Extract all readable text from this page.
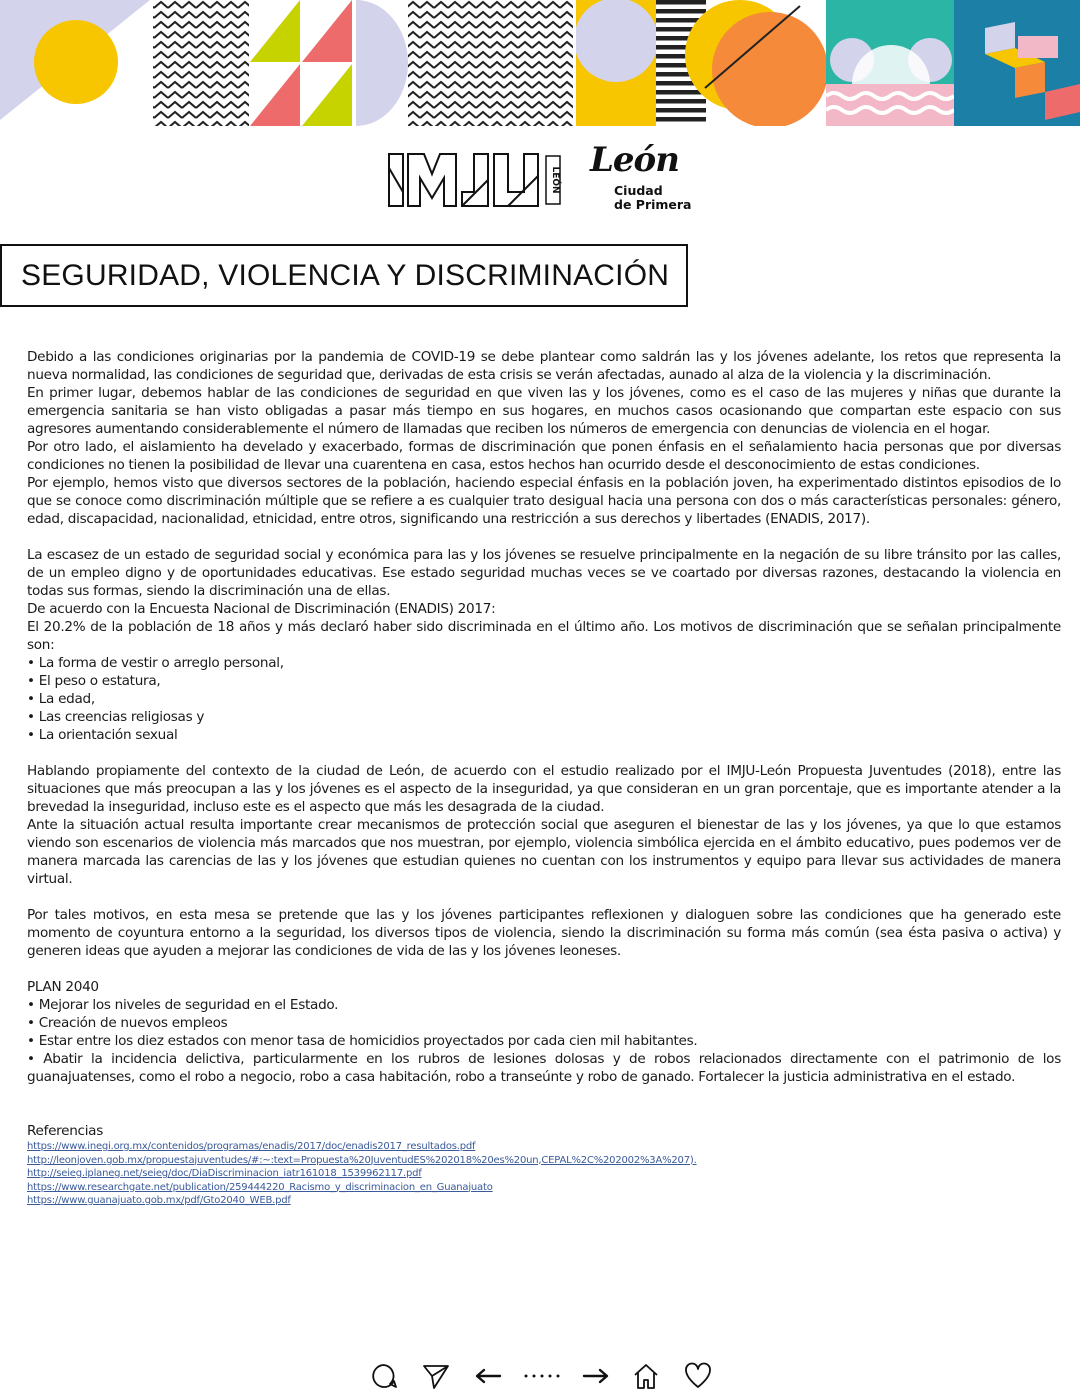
LEÓN León
Ciudad
de Primera
SEGURIDAD, VIOLENCIA Y DISCRIMINACIÓN

Debido a las condiciones originarias por la pandemia de COVID-19 se debe plantear como saldrán las y los jóvenes adelante, los retos que representa la nueva normalidad, las condiciones de seguridad que, derivadas de esta crisis se verán afectadas, aunado al alza de la violencia y la discriminación.

En primer lugar, debemos hablar de las condiciones de seguridad en que viven las y los jóvenes, como es el caso de las mujeres y niñas que durante la emergencia sanitaria se han visto obligadas a pasar más tiempo en sus hogares, en muchos casos ocasionando que compartan este espacio con sus agresores aumentando considerablemente el número de llamadas que reciben los números de emergencia con denuncias de violencia en el hogar.

Por otro lado, el aislamiento ha develado y exacerbado, formas de discriminación que ponen énfasis en el señalamiento hacia personas que por diversas condiciones no tienen la posibilidad de llevar una cuarentena en casa, estos hechos han ocurrido desde el desconocimiento de estas condiciones.

Por ejemplo, hemos visto que diversos sectores de la población, haciendo especial énfasis en la población joven, ha experimentado distintos episodios de lo que se conoce como discriminación múltiple que se refiere a es cualquier trato desigual hacia una persona con dos o más características personales: género, edad, discapacidad, nacionalidad, etnicidad, entre otros, significando una restricción a sus derechos y libertades (ENADIS, 2017).

La escasez de un estado de seguridad social y económica para las y los jóvenes se resuelve principalmente en la negación de su libre tránsito por las calles, de un empleo digno y de oportunidades educativas. Ese estado seguridad muchas veces se ve coartado por diversas razones, destacando la violencia en todas sus formas, siendo la discriminación una de ellas.

De acuerdo con la Encuesta Nacional de Discriminación (ENADIS) 2017:

El 20.2% de la población de 18 años y más declaró haber sido discriminada en el último año. Los motivos de discriminación que se señalan principalmente son:

• La forma de vestir o arreglo personal,

• El peso o estatura,

• La edad,

• Las creencias religiosas y

• La orientación sexual

Hablando propiamente del contexto de la ciudad de León, de acuerdo con el estudio realizado por el IMJU-León Propuesta Juventudes (2018), entre las situaciones que más preocupan a las y los jóvenes es el aspecto de la inseguridad, ya que consideran en un gran porcentaje, que es importante atender a la brevedad la inseguridad, incluso este es el aspecto que más les desagrada de la ciudad.

Ante la situación actual resulta importante crear mecanismos de protección social que aseguren el bienestar de las y los jóvenes, ya que lo que estamos viendo son escenarios de violencia más marcados que nos muestran, por ejemplo, violencia simbólica ejercida en el ámbito educativo, pues podemos ver de manera marcada las carencias de las y los jóvenes que estudian quienes no cuentan con los instrumentos y equipo para llevar sus actividades de manera virtual.

Por tales motivos, en esta mesa se pretende que las y los jóvenes participantes reflexionen y dialoguen sobre las condiciones que ha generado este momento de coyuntura entorno a la seguridad, los diversos tipos de violencia, siendo la discriminación su forma más común (sea ésta pasiva o activa) y generen ideas que ayuden a mejorar las condiciones de vida de las y los jóvenes leoneses.

PLAN 2040

• Mejorar los niveles de seguridad en el Estado.

• Creación de nuevos empleos

• Estar entre los diez estados con menor tasa de homicidios proyectados por cada cien mil habitantes.

• Abatir la incidencia delictiva, particularmente en los rubros de lesiones dolosas y de robos relacionados directamente con el patrimonio de los guanajuatenses, como el robo a negocio, robo a casa habitación, robo a transeúnte y robo de ganado. Fortalecer la justicia administrativa en el estado.

Referencias

https://www.inegi.org.mx/contenidos/programas/enadis/2017/doc/enadis2017_resultados.pdf
http://leonjoven.gob.mx/propuestajuventudes/#:~:text=Propuesta%20JuventudES%202018%20es%20un,CEPAL%2C%202002%3A%207).
http://seieg.iplaneg.net/seieg/doc/DiaDiscriminacion_iatr161018_1539962117.pdf
https://www.researchgate.net/publication/259444220_Racismo_y_discriminacion_en_Guanajuato
https://www.guanajuato.gob.mx/pdf/Gto2040_WEB.pdf
